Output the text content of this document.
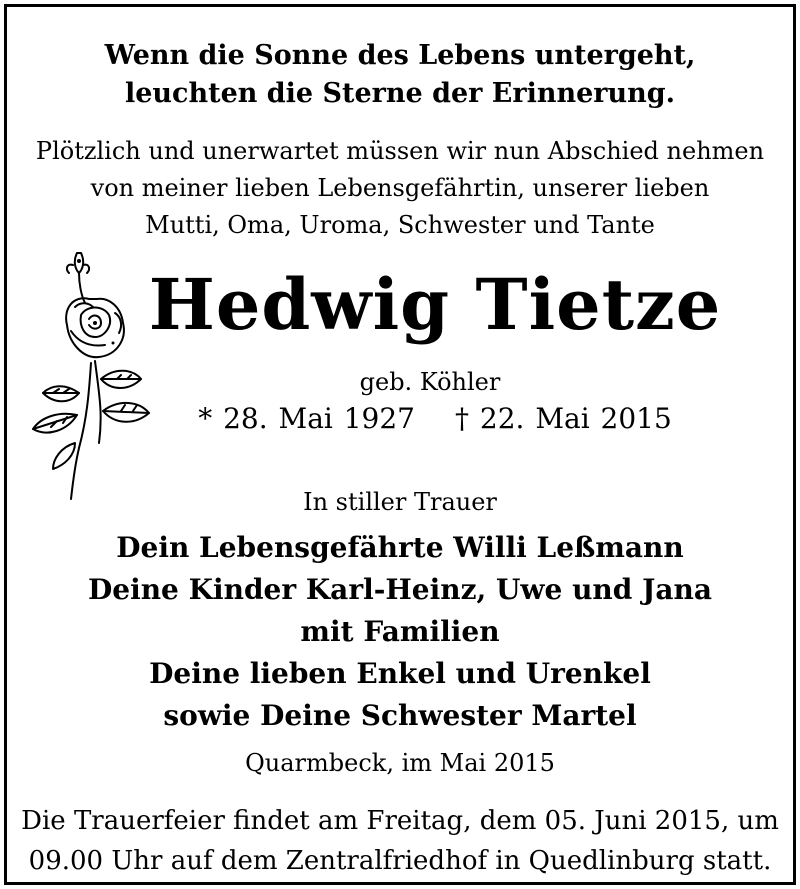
Wenn die Sonne des Lebens untergeht,
leuchten die Sterne der Erinnerung.
Plötzlich und unerwartet müssen wir nun Abschied nehmen
von meiner lieben Lebensgefährtin, unserer lieben
Mutti, Oma, Uroma, Schwester und Tante
Hedwig Tietze
geb. Köhler
* 28. Mai 1927 † 22. Mai 2015
In stiller Trauer
Dein Lebensgefährte Willi Leßmann
Deine Kinder Karl-Heinz, Uwe und Jana
mit Familien
Deine lieben Enkel und Urenkel
sowie Deine Schwester Martel
Quarmbeck, im Mai 2015
Die Trauerfeier findet am Freitag, dem 05. Juni 2015, um
09.00 Uhr auf dem Zentralfriedhof in Quedlinburg statt.
